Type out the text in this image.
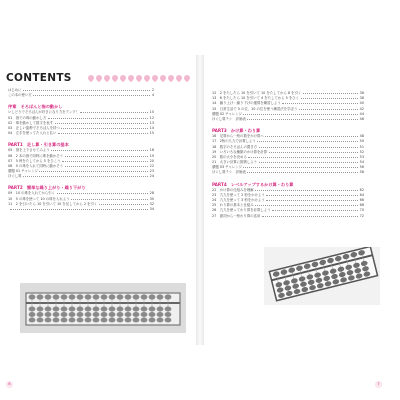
CONTENTS
はじめに	2
この本の使い方	4
序章　そろばんと指の動かし
いしどりでそろばんが好きになり力をアップ！	10
01　指での珠の動かし方	12
02　珠を動かして数字を表す	13
03　正しい姿勢でそろばんを持つ	14
04　左手を使ってた入れと払い	15
PART1　足し算・引き算の基本
05　指を上下させてみよう	18
06　2 本の指で同時に珠を動かそう	19
07　5 時をたしてから 5 をひこう	20
08　5 の珠を入れて同時に動かそう	22
優題 01 チャレンジ	23
ほぐし算	24
PART2　簡単な繰り上がり・繰り下がり
09　10 の珠を入れてから引く	28
10　5 の珠を使って 10 の珠を入れよう	30
11　2 を引いたら 10 を引いて 10 を足してから 2 を引く	32
34
6
12　2 をたしたら 10 を引いて 10 をたしてから 8 を引く	36
13　6 をたしたら 10 を引いて 4 をたしてから 5 をひく	38
14　繰り上げ・繰り下げの運算を練習しよう	40
15　日常生活で 5 の位、10 の位を使う練習法を学ぼう	42
優題 02 チャレンジ	44
ほぐし算テシ　評価表	46
PART3　かけ算・わり算
16　足算から一桁の数をかけ算へ	48
17　2桁の九九で計算しよう	50
18　数字のそろばんの置き方	51
19　いろいろな種類のかけ算を計算	52
20　数の大小を決める	53
21　大きい計算に挑戦しよう	54
優題 03 チャレンジ	56
ほぐし算テシ　評価表	58
PART4　レベルアップするかけ算・わり算
22　かけ算の仕組みを理解	62
23　九九を使って 2 桁をかけよう	64
24　九九を使って 3 桁をかけよう	66
25　わり算の基本と仕組み	68
26　九九を使ってわり算を計算しよう	70
27　最初から一桁わり算の応用	72
7
